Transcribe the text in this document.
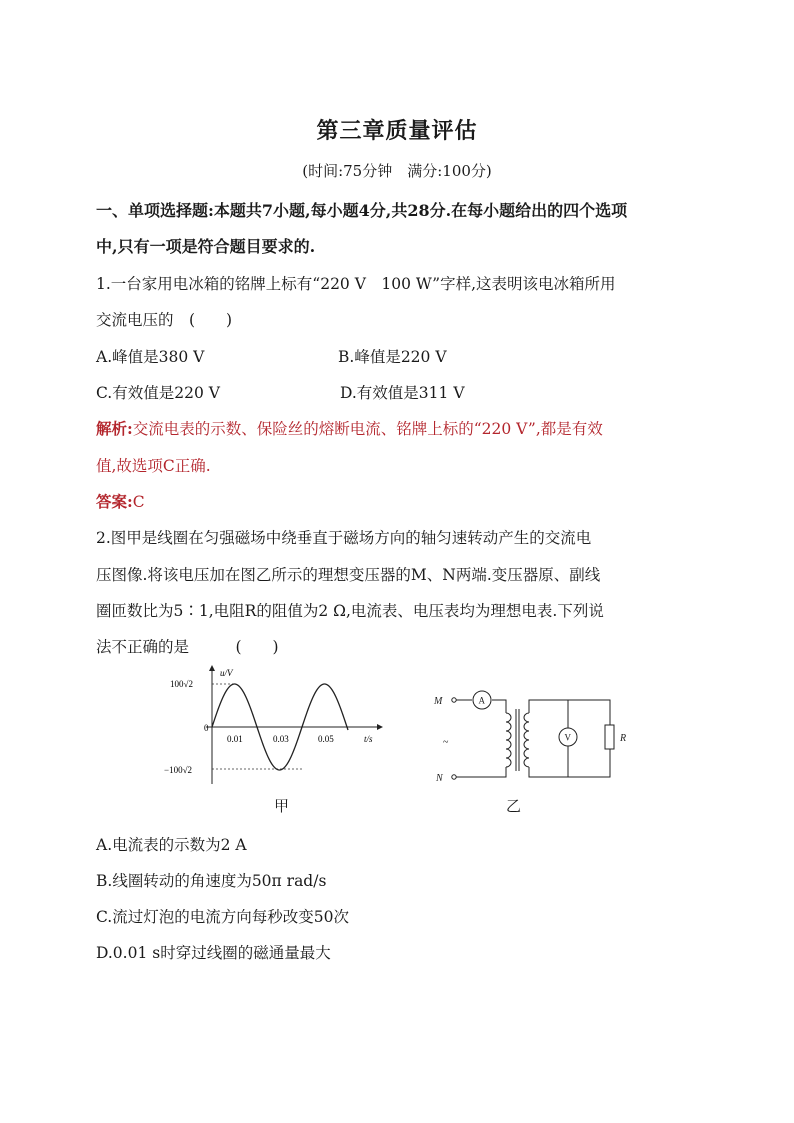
第三章质量评估
(时间:75分钟　满分:100分)
一、单项选择题:本题共7小题,每小题4分,共28分.在每小题给出的四个选项
中,只有一项是符合题目要求的.
1.一台家用电冰箱的铭牌上标有“220 V　100 W”字样,这表明该电冰箱所用
交流电压的　(　　)
A.峰值是380 V	B.峰值是220 V
C.有效值是220 V	D.有效值是311 V
解析:交流电表的示数、保险丝的熔断电流、铭牌上标的“220 V”,都是有效
值,故选项C正确.
答案:C
2.图甲是线圈在匀强磁场中绕垂直于磁场方向的轴匀速转动产生的交流电
压图像.将该电压加在图乙所示的理想变压器的M、N两端.变压器原、副线
圈匝数比为5∶1,电阻R的阻值为2 Ω,电流表、电压表均为理想电表.下列说
法不正确的是　　　(　　)
u/V
100√2
0
−100√2
0.01	0.03	0.05	t/s
甲
M
N
~
A
V	R
乙
A.电流表的示数为2 A
B.线圈转动的角速度为50π rad/s
C.流过灯泡的电流方向每秒改变50次
D.0.01 s时穿过线圈的磁通量最大
